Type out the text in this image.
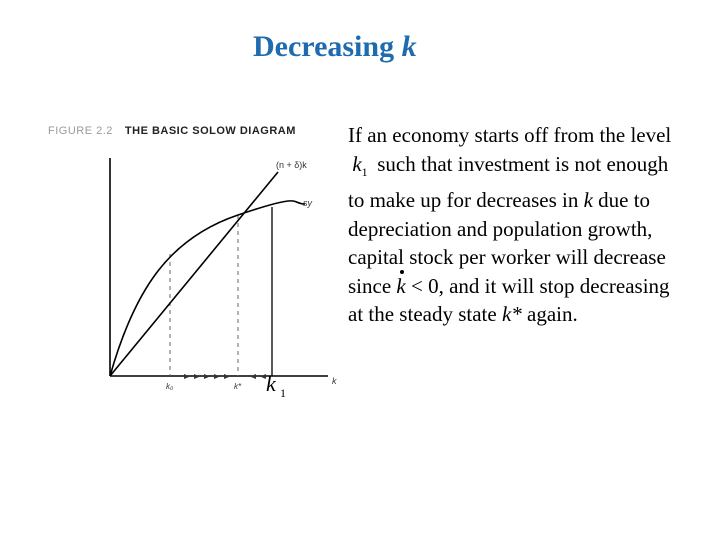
Decreasing k
FIGURE 2.2 THE BASIC SOLOW DIAGRAM
(n + δ)k
sy
k₀	k*
k
k 1
If an economy starts off from the level $k_1$ such that investment is not enough to make up for decreases in k due to depreciation and population growth, capital stock per worker will decrease since k < 0, and it will stop decreasing at the steady state k* again.
